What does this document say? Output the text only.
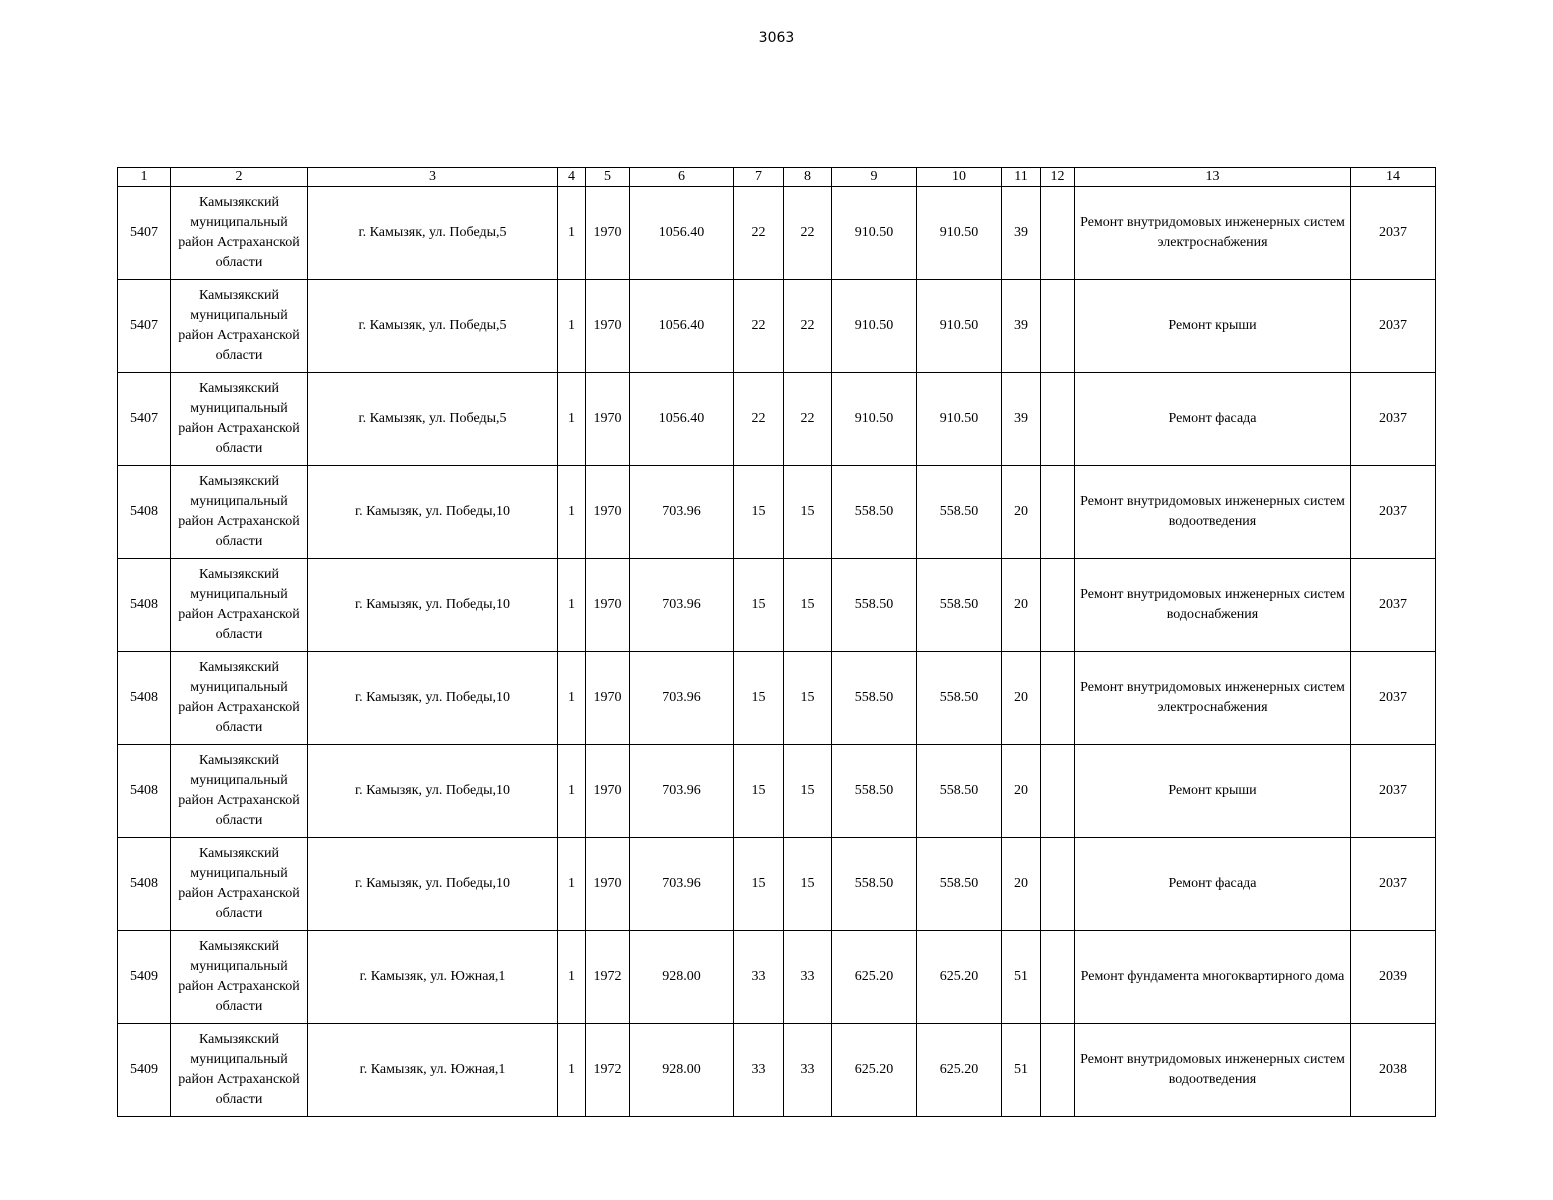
3063
1	2	3	4	5	6	7	8	9	10	11	12	13	14
5407	Камызякский муниципальный район Астраханской области	г. Камызяк, ул. Победы,5	1	1970	1056.40	22	22	910.50	910.50	39		Ремонт внутридомовых инженерных систем электроснабжения	2037
5407	Камызякский муниципальный район Астраханской области	г. Камызяк, ул. Победы,5	1	1970	1056.40	22	22	910.50	910.50	39		Ремонт крыши	2037
5407	Камызякский муниципальный район Астраханской области	г. Камызяк, ул. Победы,5	1	1970	1056.40	22	22	910.50	910.50	39		Ремонт фасада	2037
5408	Камызякский муниципальный район Астраханской области	г. Камызяк, ул. Победы,10	1	1970	703.96	15	15	558.50	558.50	20		Ремонт внутридомовых инженерных систем водоотведения	2037
5408	Камызякский муниципальный район Астраханской области	г. Камызяк, ул. Победы,10	1	1970	703.96	15	15	558.50	558.50	20		Ремонт внутридомовых инженерных систем водоснабжения	2037
5408	Камызякский муниципальный район Астраханской области	г. Камызяк, ул. Победы,10	1	1970	703.96	15	15	558.50	558.50	20		Ремонт внутридомовых инженерных систем электроснабжения	2037
5408	Камызякский муниципальный район Астраханской области	г. Камызяк, ул. Победы,10	1	1970	703.96	15	15	558.50	558.50	20		Ремонт крыши	2037
5408	Камызякский муниципальный район Астраханской области	г. Камызяк, ул. Победы,10	1	1970	703.96	15	15	558.50	558.50	20		Ремонт фасада	2037
5409	Камызякский муниципальный район Астраханской области	г. Камызяк, ул. Южная,1	1	1972	928.00	33	33	625.20	625.20	51		Ремонт фундамента многоквартирного дома	2039
5409	Камызякский муниципальный район Астраханской области	г. Камызяк, ул. Южная,1	1	1972	928.00	33	33	625.20	625.20	51		Ремонт внутридомовых инженерных систем водоотведения	2038
